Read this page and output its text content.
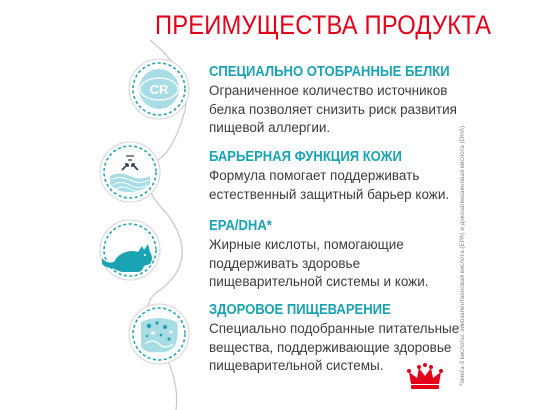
ПРЕИМУЩЕСТВА ПРОДУКТА
CR
СПЕЦИАЛЬНО ОТОБРАННЫЕ БЕЛКИ
Ограниченное количество источников
белка позволяет снизить риск развития
пищевой аллергии.
БАРЬЕРНАЯ ФУНКЦИЯ КОЖИ
Формула помогает поддерживать
естественный защитный барьер кожи.
EPA/DHA*
Жирные кислоты, помогающие
поддерживать здоровье
пищеварительной системы и кожи.
ЗДОРОВОЕ ПИЩЕВАРЕНИЕ
Специально подобранные питательные
вещества, поддерживающие здоровье
пищеварительной системы.	*омега-3 кислоты: эйкозапентаеновая кислота (EPA) и докозагексаеновая кислота (DHA).
